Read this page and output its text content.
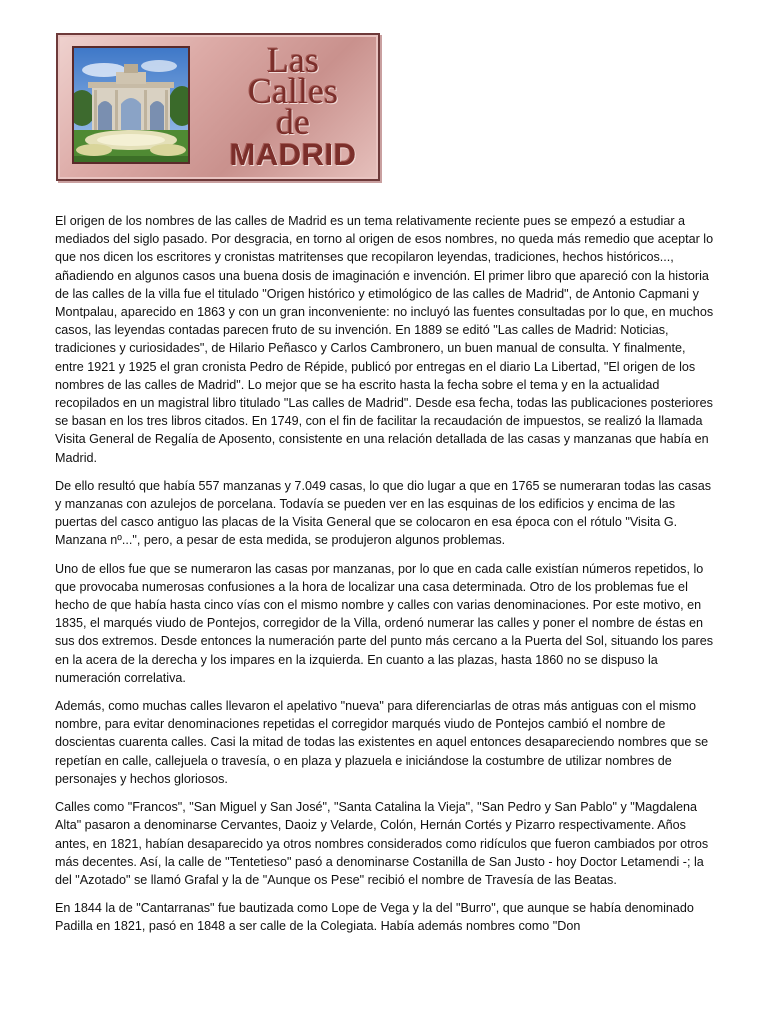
Las
Calles
de
MADRID

El origen de los nombres de las calles de Madrid es un tema relativamente reciente pues se empezó a estudiar a mediados del siglo pasado. Por desgracia, en torno al origen de esos nombres, no queda más remedio que aceptar lo que nos dicen los escritores y cronistas matritenses que recopilaron leyendas, tradiciones, hechos históricos..., añadiendo en algunos casos una buena dosis de imaginación e invención. El primer libro que apareció con la historia de las calles de la villa fue el titulado "Origen histórico y etimológico de las calles de Madrid", de Antonio Capmani y Montpalau, aparecido en 1863 y con un gran inconveniente: no incluyó las fuentes consultadas por lo que, en muchos casos, las leyendas contadas parecen fruto de su invención. En 1889 se editó "Las calles de Madrid: Noticias, tradiciones y curiosidades", de Hilario Peñasco y Carlos Cambronero, un buen manual de consulta. Y finalmente, entre 1921 y 1925 el gran cronista Pedro de Répide, publicó por entregas en el diario La Libertad, "El origen de los nombres de las calles de Madrid". Lo mejor que se ha escrito hasta la fecha sobre el tema y en la actualidad recopilados en un magistral libro titulado "Las calles de Madrid". Desde esa fecha, todas las publicaciones posteriores se basan en los tres libros citados. En 1749, con el fin de facilitar la recaudación de impuestos, se realizó la llamada Visita General de Regalía de Aposento, consistente en una relación detallada de las casas y manzanas que había en Madrid.

De ello resultó que había 557 manzanas y 7.049 casas, lo que dio lugar a que en 1765 se numeraran todas las casas y manzanas con azulejos de porcelana. Todavía se pueden ver en las esquinas de los edificios y encima de las puertas del casco antiguo las placas de la Visita General que se colocaron en esa época con el rótulo "Visita G. Manzana nº...", pero, a pesar de esta medida, se produjeron algunos problemas.

Uno de ellos fue que se numeraron las casas por manzanas, por lo que en cada calle existían números repetidos, lo que provocaba numerosas confusiones a la hora de localizar una casa determinada. Otro de los problemas fue el hecho de que había hasta cinco vías con el mismo nombre y calles con varias denominaciones. Por este motivo, en 1835, el marqués viudo de Pontejos, corregidor de la Villa, ordenó numerar las calles y poner el nombre de éstas en sus dos extremos. Desde entonces la numeración parte del punto más cercano a la Puerta del Sol, situando los pares en la acera de la derecha y los impares en la izquierda. En cuanto a las plazas, hasta 1860 no se dispuso la numeración correlativa.

Además, como muchas calles llevaron el apelativo "nueva" para diferenciarlas de otras más antiguas con el mismo nombre, para evitar denominaciones repetidas el corregidor marqués viudo de Pontejos cambió el nombre de doscientas cuarenta calles. Casi la mitad de todas las existentes en aquel entonces desapareciendo nombres que se repetían en calle, callejuela o travesía, o en plaza y plazuela e iniciándose la costumbre de utilizar nombres de personajes y hechos gloriosos.

Calles como "Francos", "San Miguel y San José", "Santa Catalina la Vieja", "San Pedro y San Pablo" y "Magdalena Alta" pasaron a denominarse Cervantes, Daoiz y Velarde, Colón, Hernán Cortés y Pizarro respectivamente. Años antes, en 1821, habían desaparecido ya otros nombres considerados como ridículos que fueron cambiados por otros más decentes. Así, la calle de "Tentetieso" pasó a denominarse Costanilla de San Justo - hoy Doctor Letamendi -; la del "Azotado" se llamó Grafal y la de "Aunque os Pese" recibió el nombre de Travesía de las Beatas.

En 1844 la de "Cantarranas" fue bautizada como Lope de Vega y la del "Burro", que aunque se había denominado Padilla en 1821, pasó en 1848 a ser calle de la Colegiata. Había además nombres como "Don
